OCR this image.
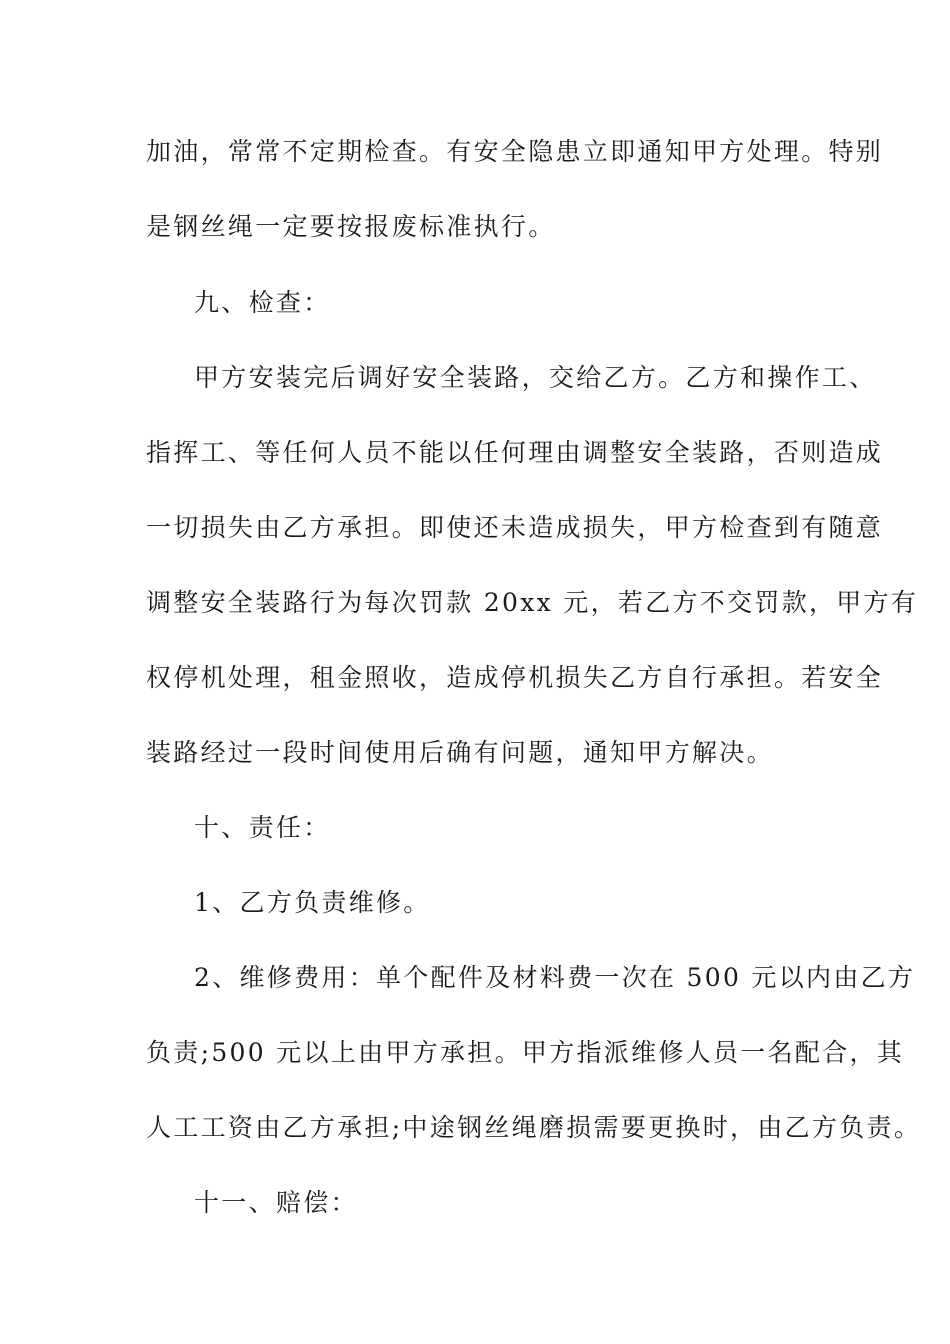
加油，常常不定期检查。有安全隐患立即通知甲方处理。特别
是钢丝绳一定要按报废标准执行。
九、检查：
甲方安装完后调好安全装路，交给乙方。乙方和操作工、
指挥工、等任何人员不能以任何理由调整安全装路，否则造成
一切损失由乙方承担。即使还未造成损失，甲方检查到有随意
调整安全装路行为每次罚款 20xx 元，若乙方不交罚款，甲方有
权停机处理，租金照收，造成停机损失乙方自行承担。若安全
装路经过一段时间使用后确有问题，通知甲方解决。
十、责任：
1、乙方负责维修。
2、维修费用：单个配件及材料费一次在 500 元以内由乙方
负责;500 元以上由甲方承担。甲方指派维修人员一名配合，其
人工工资由乙方承担;中途钢丝绳磨损需要更换时，由乙方负责。
十一、赔偿：
